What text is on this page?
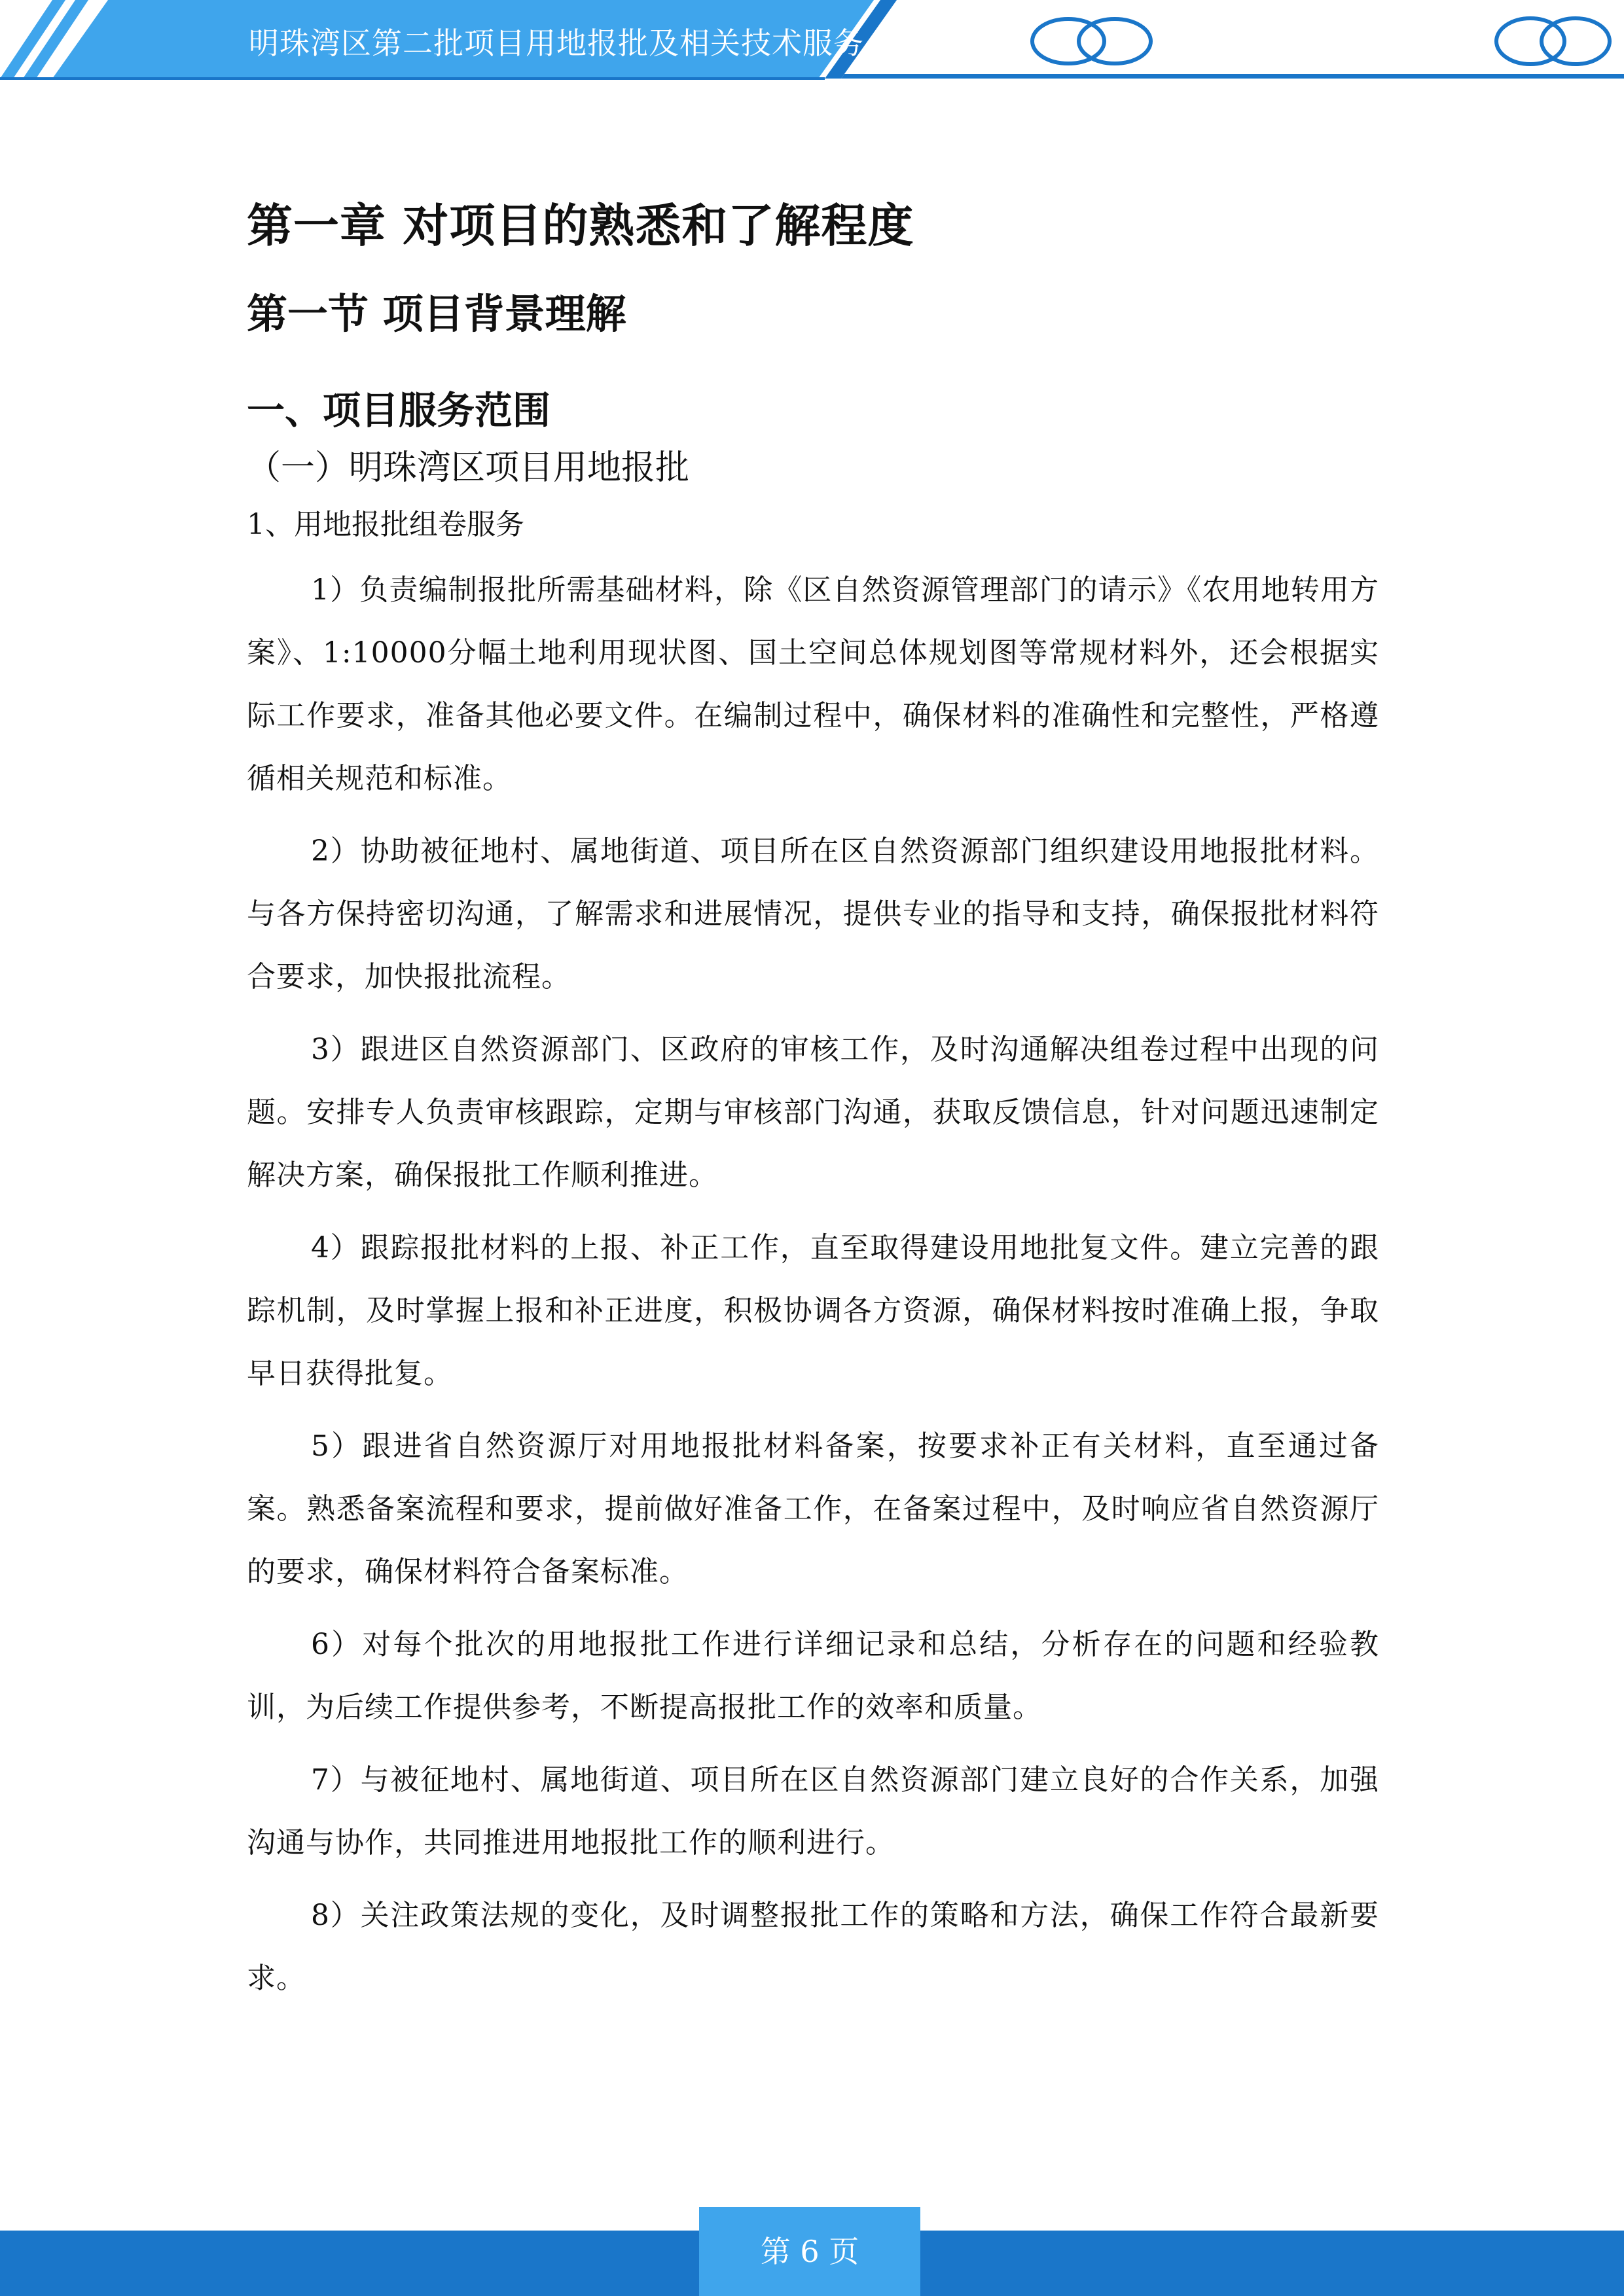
明珠湾区第二批项目用地报批及相关技术服务
第一章 对项目的熟悉和了解程度
第一节 项目背景理解
一、项目服务范围
（一）明珠湾区项目用地报批
1、用地报批组卷服务

1）负责编制报批所需基础材料，除《区自然资源管理部门的请示》《农用地转用方案》、1:10000分幅土地利用现状图、国土空间总体规划图等常规材料外，还会根据实际工作要求，准备其他必要文件。在编制过程中，确保材料的准确性和完整性，严格遵循相关规范和标准。

2）协助被征地村、属地街道、项目所在区自然资源部门组织建设用地报批材料。与各方保持密切沟通，了解需求和进展情况，提供专业的指导和支持，确保报批材料符合要求，加快报批流程。

3）跟进区自然资源部门、区政府的审核工作，及时沟通解决组卷过程中出现的问题。安排专人负责审核跟踪，定期与审核部门沟通，获取反馈信息，针对问题迅速制定解决方案，确保报批工作顺利推进。

4）跟踪报批材料的上报、补正工作，直至取得建设用地批复文件。建立完善的跟踪机制，及时掌握上报和补正进度，积极协调各方资源，确保材料按时准确上报，争取早日获得批复。

5）跟进省自然资源厅对用地报批材料备案，按要求补正有关材料，直至通过备案。熟悉备案流程和要求，提前做好准备工作，在备案过程中，及时响应省自然资源厅的要求，确保材料符合备案标准。

6）对每个批次的用地报批工作进行详细记录和总结，分析存在的问题和经验教训，为后续工作提供参考，不断提高报批工作的效率和质量。

7）与被征地村、属地街道、项目所在区自然资源部门建立良好的合作关系，加强沟通与协作，共同推进用地报批工作的顺利进行。

8）关注政策法规的变化，及时调整报批工作的策略和方法，确保工作符合最新要求。

第 6 页
